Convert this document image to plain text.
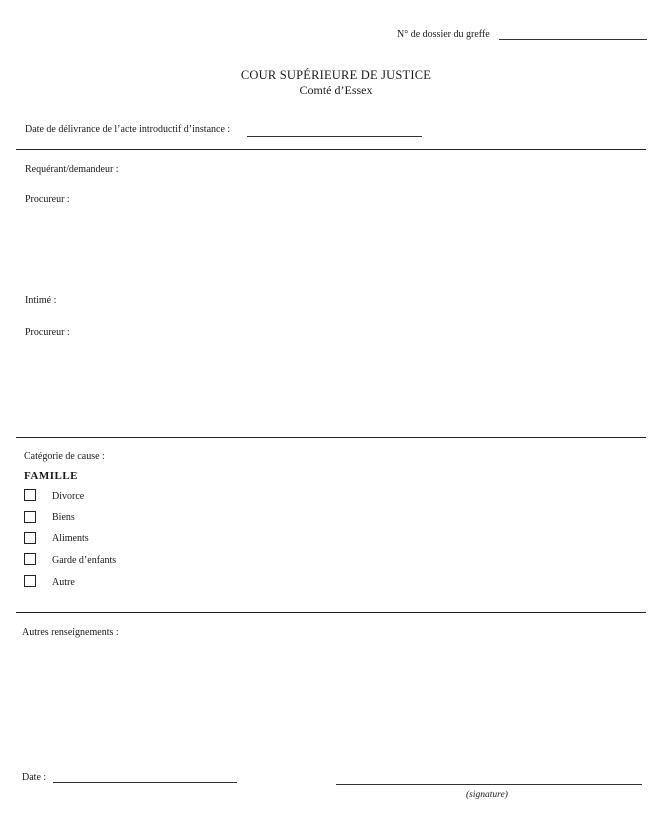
N° de dossier du greffe
COUR SUPÉRIEURE DE JUSTICE
Comté d’Essex
Date de délivrance de l’acte introductif d’instance :
Requérant/demandeur :
Procureur :
Intimé :
Procureur :
Catégorie de cause :
FAMILLE
Divorce
Biens
Aliments
Garde d’enfants
Autre
Autres renseignements :
Date :
(signature)
